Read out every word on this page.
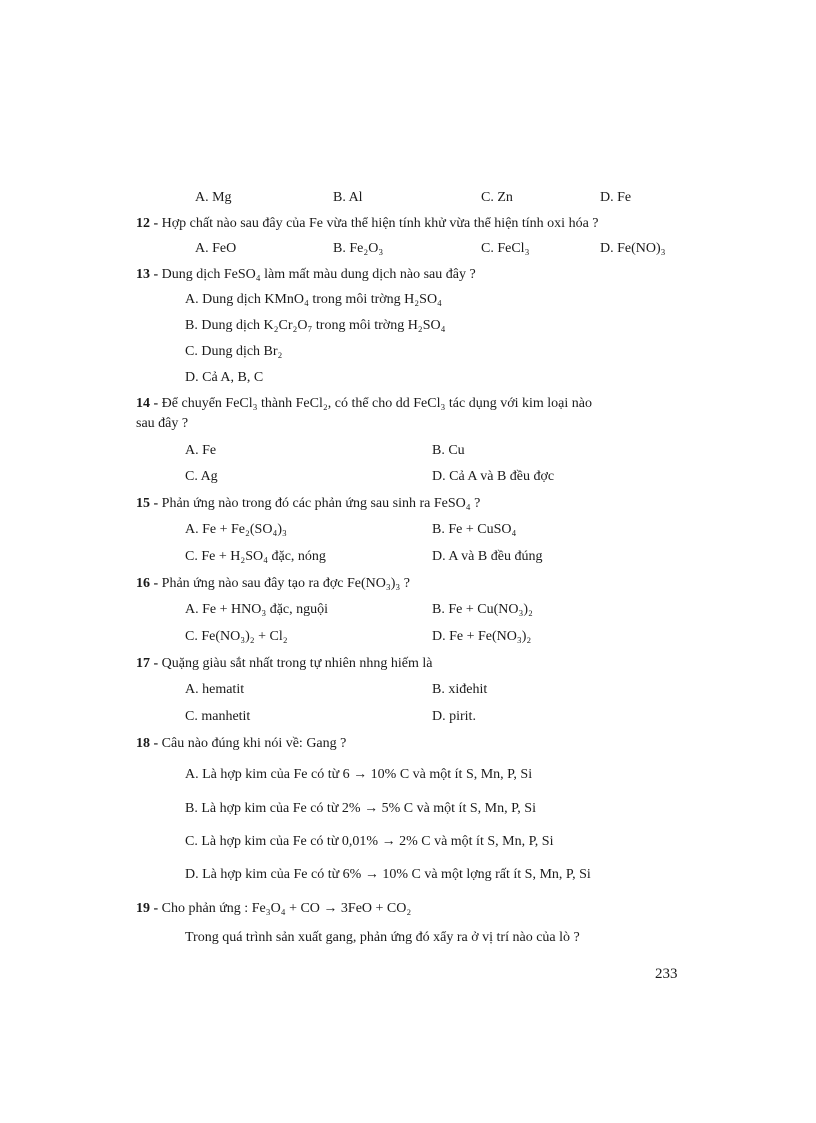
A. Mg	B. Al	C. Zn	D. Fe
12 - Hợp chất nào sau đây của Fe vừa thể hiện tính khử vừa thể hiện tính oxi hóa ?
A. FeO	B. Fe₂O₃	C. FeCl₃	D. Fe(NO)₃
13 - Dung dịch FeSO₄ làm mất màu dung dịch nào sau đây ?
A. Dung dịch KMnO₄ trong môi trờng H₂SO₄
B. Dung dịch K₂Cr₂O₇ trong môi trờng H₂SO₄
C. Dung dịch Br₂
D. Cả A, B, C
14 - Để chuyển FeCl₃ thành FeCl₂, có thể cho dd FeCl₃ tác dụng với kim loại nào
sau đây ?
A. Fe	B. Cu
C. Ag	D. Cả A và B đều đợc
15 - Phản ứng nào trong đó các phản ứng sau sinh ra FeSO₄ ?
A. Fe + Fe₂(SO₄)₃	B. Fe + CuSO₄
C. Fe + H₂SO₄ đặc, nóng	D. A và B đều đúng
16 - Phản ứng nào sau đây tạo ra đợc Fe(NO₃)₃ ?
A. Fe + HNO₃ đặc, nguội	B. Fe + Cu(NO₃)₂
C. Fe(NO₃)₂ + Cl₂	D. Fe + Fe(NO₃)₂
17 - Quặng giàu sắt nhất trong tự nhiên nhng hiếm là
A. hematit	B. xiđehit
C. manhetit	D. pirit.
18 - Câu nào đúng khi nói về: Gang ?
A. Là hợp kim của Fe có từ 6 → 10% C và một ít S, Mn, P, Si
B. Là hợp kim của Fe có từ 2% → 5% C và một ít S, Mn, P, Si
C. Là hợp kim của Fe có từ 0,01% → 2% C và một ít S, Mn, P, Si
D. Là hợp kim của Fe có từ 6% → 10% C và một lợng rất ít S, Mn, P, Si
19 - Cho phản ứng : Fe₃O₄ + CO → 3FeO + CO₂
Trong quá trình sản xuất gang, phản ứng đó xẩy ra ở vị trí nào của lò ?
233
